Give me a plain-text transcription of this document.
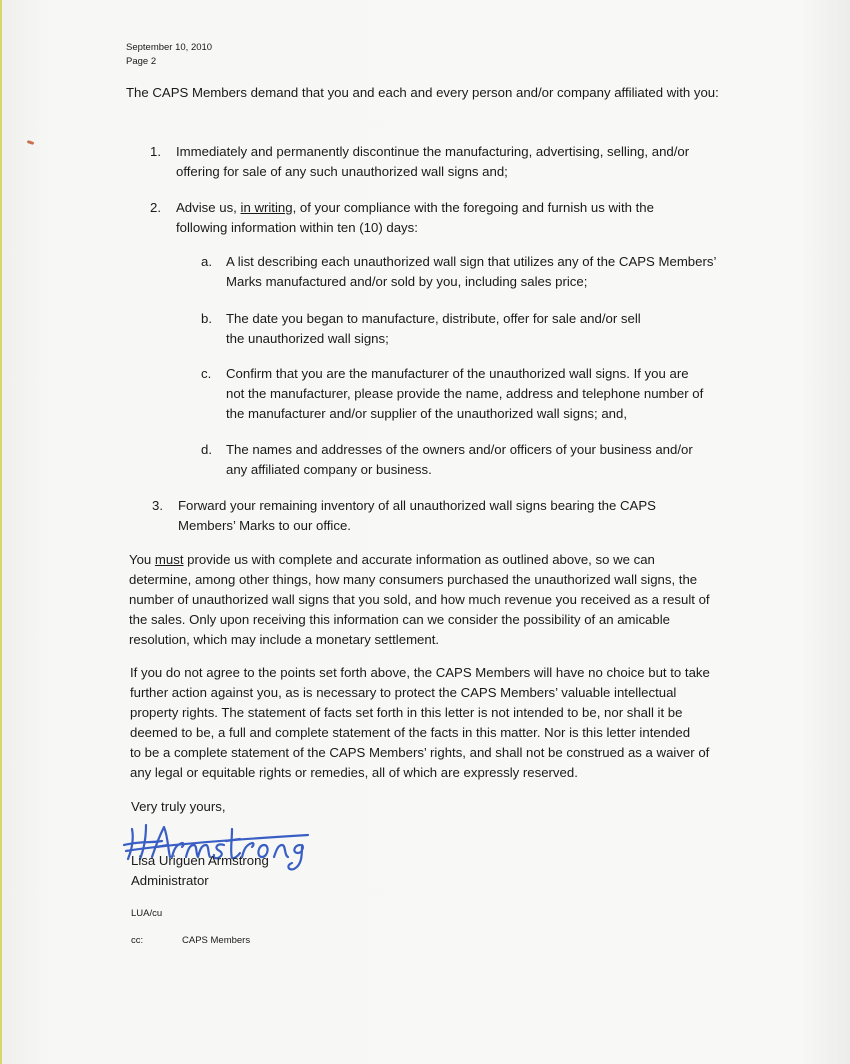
September 10, 2010
Page 2
The CAPS Members demand that you and each and every person and/or company affiliated with you:
1. Immediately and permanently discontinue the manufacturing, advertising, selling, and/or
offering for sale of any such unauthorized wall signs and;
2. Advise us, in writing, of your compliance with the foregoing and furnish us with the
following information within ten (10) days:
a. A list describing each unauthorized wall sign that utilizes any of the CAPS Members’
Marks manufactured and/or sold by you, including sales price;
b. The date you began to manufacture, distribute, offer for sale and/or sell
the unauthorized wall signs;
c. Confirm that you are the manufacturer of the unauthorized wall signs. If you are
not the manufacturer, please provide the name, address and telephone number of
the manufacturer and/or supplier of the unauthorized wall signs; and,
d. The names and addresses of the owners and/or officers of your business and/or
any affiliated company or business.
3. Forward your remaining inventory of all unauthorized wall signs bearing the CAPS
Members’ Marks to our office.
You must provide us with complete and accurate information as outlined above, so we can
determine, among other things, how many consumers purchased the unauthorized wall signs, the
number of unauthorized wall signs that you sold, and how much revenue you received as a result of
the sales. Only upon receiving this information can we consider the possibility of an amicable
resolution, which may include a monetary settlement.
If you do not agree to the points set forth above, the CAPS Members will have no choice but to take
further action against you, as is necessary to protect the CAPS Members’ valuable intellectual
property rights. The statement of facts set forth in this letter is not intended to be, nor shall it be
deemed to be, a full and complete statement of the facts in this matter. Nor is this letter intended
to be a complete statement of the CAPS Members’ rights, and shall not be construed as a waiver of
any legal or equitable rights or remedies, all of which are expressly reserved.
Very truly yours,
Lisa Uriguen Armstrong
Administrator
LUA/cu
cc:	CAPS Members
